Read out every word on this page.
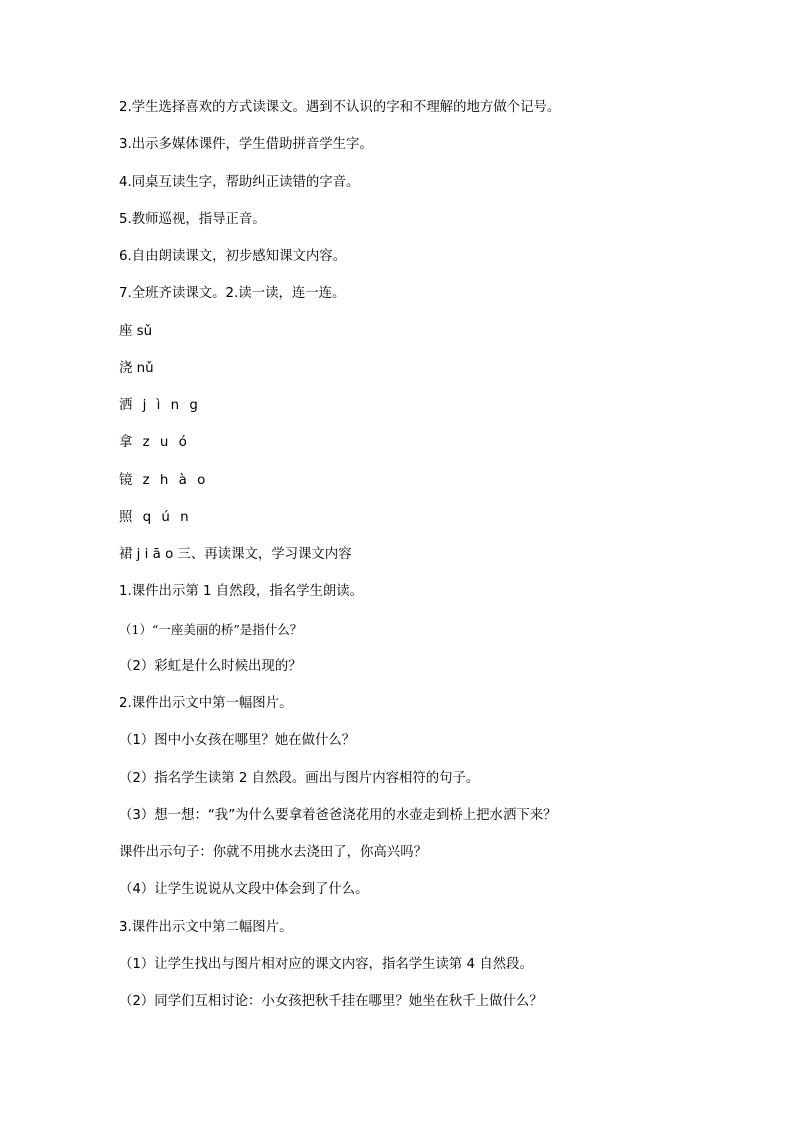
2.学生选择喜欢的方式读课文。遇到不认识的字和不理解的地方做个记号。

3.出示多媒体课件，学生借助拼音学生字。

4.同桌互读生字，帮助纠正读错的字音。

5.教师巡视，指导正音。

6.自由朗读课文，初步感知课文内容。

7.全班齐读课文。2.读一读，连一连。

座 sǔ

浇 nǔ

洒 j ì n g

拿 z u ó

镜 z h à o

照 q ú n

裙 j i ā o 三、再读课文，学习课文内容

1.课件出示第 1 自然段，指名学生朗读。

（1）“一座美丽的桥”是指什么？

（2）彩虹是什么时候出现的？

2.课件出示文中第一幅图片。

（1）图中小女孩在哪里？她在做什么？

（2）指名学生读第 2 自然段。画出与图片内容相符的句子。

（3）想一想：“我”为什么要拿着爸爸浇花用的水壶走到桥上把水洒下来？

课件出示句子：你就不用挑水去浇田了，你高兴吗？

（4）让学生说说从文段中体会到了什么。

3.课件出示文中第二幅图片。

（1）让学生找出与图片相对应的课文内容，指名学生读第 4 自然段。

（2）同学们互相讨论：小女孩把秋千挂在哪里？她坐在秋千上做什么？
